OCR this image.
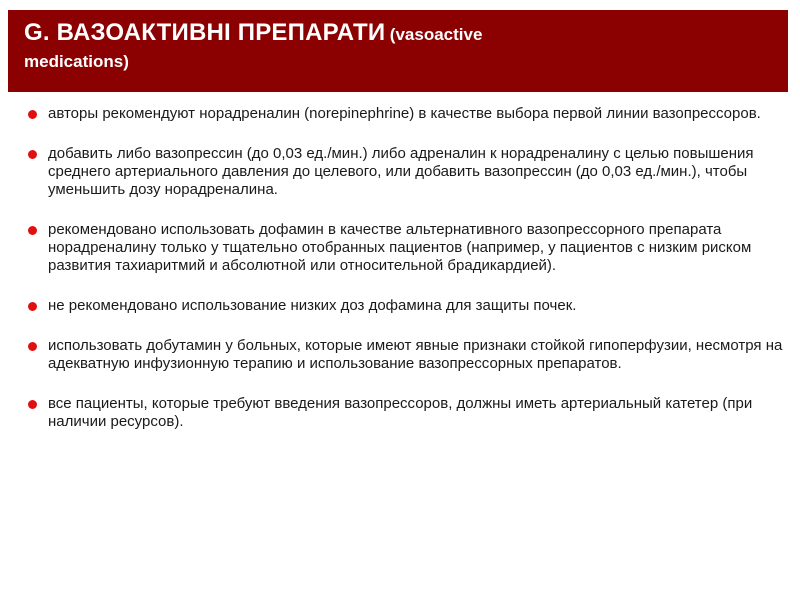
G. ВАЗОАКТИВНІ ПРЕПАРАТИ (vasoactive
medications)
авторы рекомендуют норадреналин (norepinephrine) в качестве выбора первой линии вазопрессоров.
добавить либо вазопрессин (до 0,03 ед./мин.) либо адреналин к норадреналину с целью повышения среднего артериального давления до целевого, или добавить вазопрессин (до 0,03 ед./мин.), чтобы уменьшить дозу норадреналина.
рекомендовано использовать дофамин в качестве альтернативного вазопрессорного препарата норадреналину только у тщательно отобранных пациентов (например, у пациентов с низким риском развития тахиаритмий и абсолютной или относительной брадикардией).
не рекомендовано использование низких доз дофамина для защиты почек.
использовать добутамин у больных, которые имеют явные признаки стойкой гипоперфузии, несмотря на адекватную инфузионную терапию и использование вазопрессорных препаратов.
все пациенты, которые требуют введения вазопрессоров, должны иметь артериальный катетер (при наличии ресурсов).
